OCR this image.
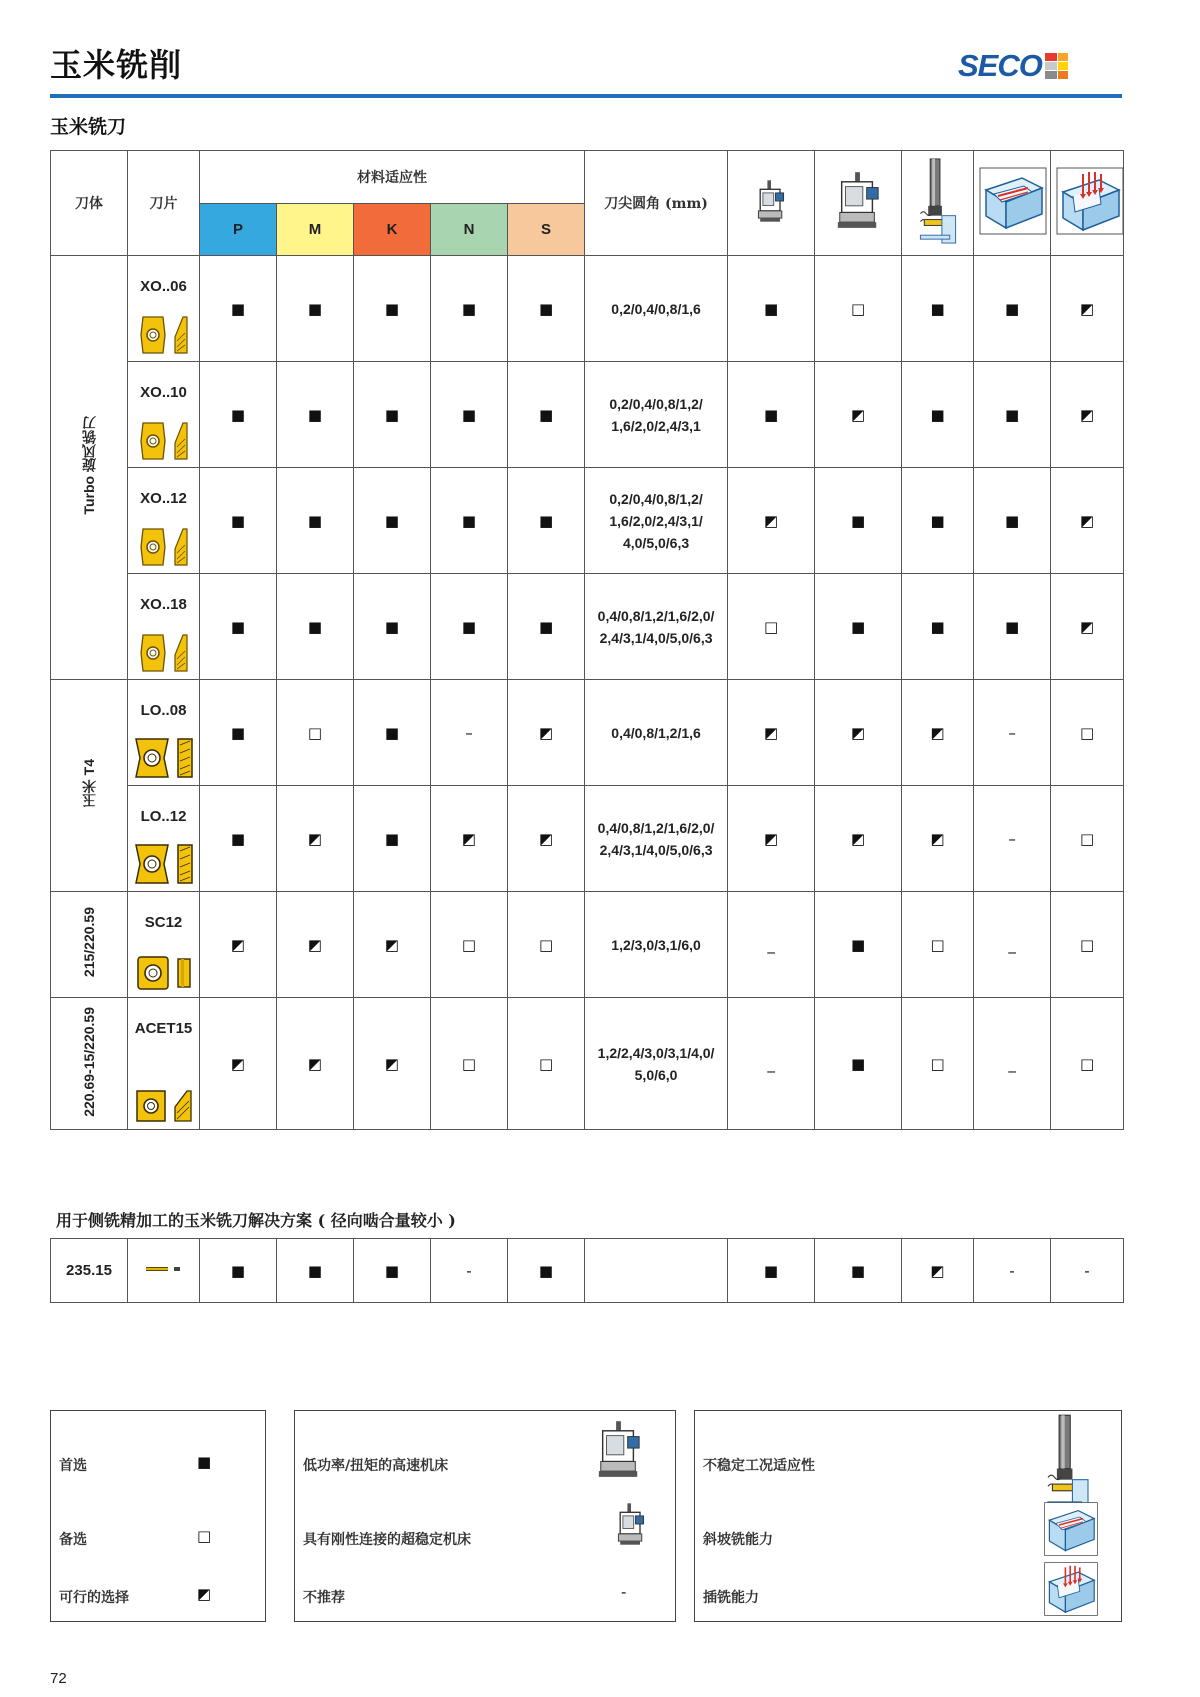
玉米铣削	SECO
玉米铣刀
刀体	刀片	材料适应性					刀尖圆角 (mm)					
		P	M	K	N	S						
Turbo 旋风铣刀	XO..06	■	■	■	■	■	0,2/0,4/0,8/1,6	■	□	■	■	◩

	XO..10	■	■	■	■	■	0,2/0,4/0,8/1,2/
1,6/2,0/2,4/3,1	■	◩	■	■	◩

	XO..12	■	■	■	■	■	0,2/0,4/0,8/1,2/
1,6/2,0/2,4/3,1/
4,0/5,0/6,3	◩	■	■	■	◩

	XO..18	■	■	■	■	■	0,4/0,8/1,2/1,6/2,0/
2,4/3,1/4,0/5,0/6,3	□	■	■	■	◩
玉米 T4	LO..08	■	□	■	–	◩	0,4/0,8/1,2/1,6	◩	◩	◩	–	□

	LO..12	■	◩	■	◩	◩	0,4/0,8/1,2/1,6/2,0/
2,4/3,1/4,0/5,0/6,3	◩	◩	◩	–	□
215/220.59	SC12	◩	◩	◩	□	□	1,2/3,0/3,1/6,0	_	■	□	_	□
220.69-15/220.59	ACET15	◩	◩	◩	□	□	1,2/2,4/3,0/3,1/4,0/
5,0/6,0	_	■	□	_	□
用于侧铣精加工的玉米铣刀解决方案 ( 径向啮合量较小 )
235.15		■	■	■	-	■		■	■	◩	-	-
首选	■
备选	□
可行的选择	◩
低功率/扭矩的高速机床
具有刚性连接的超稳定机床
不推荐	-
不稳定工况适应性
斜坡铣能力
插铣能力
72
